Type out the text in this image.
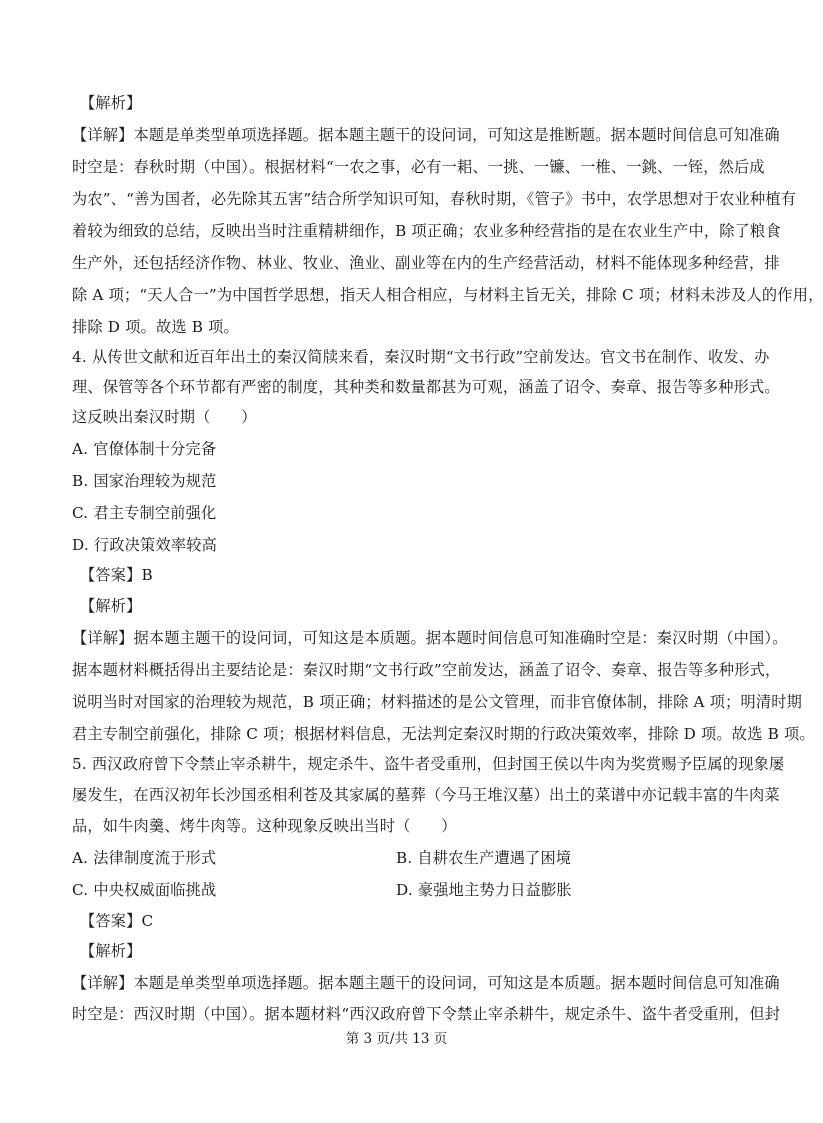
【解析】
【详解】本题是单类型单项选择题。据本题主题干的设问词，可知这是推断题。据本题时间信息可知准确
时空是：春秋时期（中国）。根据材料“一农之事，必有一耜、一挑、一镰、一椎、一銚、一铚，然后成
为农”、“善为国者，必先除其五害”结合所学知识可知，春秋时期，《管子》书中，农学思想对于农业种植有
着较为细致的总结，反映出当时注重精耕细作，B 项正确；农业多种经营指的是在农业生产中，除了粮食
生产外，还包括经济作物、林业、牧业、渔业、副业等在内的生产经营活动，材料不能体现多种经营，排
除 A 项；“天人合一”为中国哲学思想，指天人相合相应，与材料主旨无关，排除 C 项；材料未涉及人的作用，
排除 D 项。故选 B 项。
4. 从传世文献和近百年出土的秦汉简牍来看，秦汉时期“文书行政”空前发达。官文书在制作、收发、办
理、保管等各个环节都有严密的制度，其种类和数量都甚为可观，涵盖了诏令、奏章、报告等多种形式。
这反映出秦汉时期（　　）
A. 官僚体制十分完备
B. 国家治理较为规范
C. 君主专制空前强化
D. 行政决策效率较高
【答案】B
【解析】
【详解】据本题主题干的设问词，可知这是本质题。据本题时间信息可知准确时空是：秦汉时期（中国）。
据本题材料概括得出主要结论是：秦汉时期“文书行政”空前发达，涵盖了诏令、奏章、报告等多种形式，
说明当时对国家的治理较为规范，B 项正确；材料描述的是公文管理，而非官僚体制，排除 A 项；明清时期
君主专制空前强化，排除 C 项；根据材料信息，无法判定秦汉时期的行政决策效率，排除 D 项。故选 B 项。
5. 西汉政府曾下令禁止宰杀耕牛，规定杀牛、盗牛者受重刑，但封国王侯以牛肉为奖赏赐予臣属的现象屡
屡发生，在西汉初年长沙国丞相利苍及其家属的墓葬（今马王堆汉墓）出土的菜谱中亦记载丰富的牛肉菜
品，如牛肉羹、烤牛肉等。这种现象反映出当时（　　）
A. 法律制度流于形式	B. 自耕农生产遭遇了困境
C. 中央权威面临挑战	D. 豪强地主势力日益膨胀
【答案】C
【解析】
【详解】本题是单类型单项选择题。据本题主题干的设问词，可知这是本质题。据本题时间信息可知准确
时空是：西汉时期（中国）。据本题材料“西汉政府曾下令禁止宰杀耕牛，规定杀牛、盗牛者受重刑，但封
第 3 页/共 13 页
